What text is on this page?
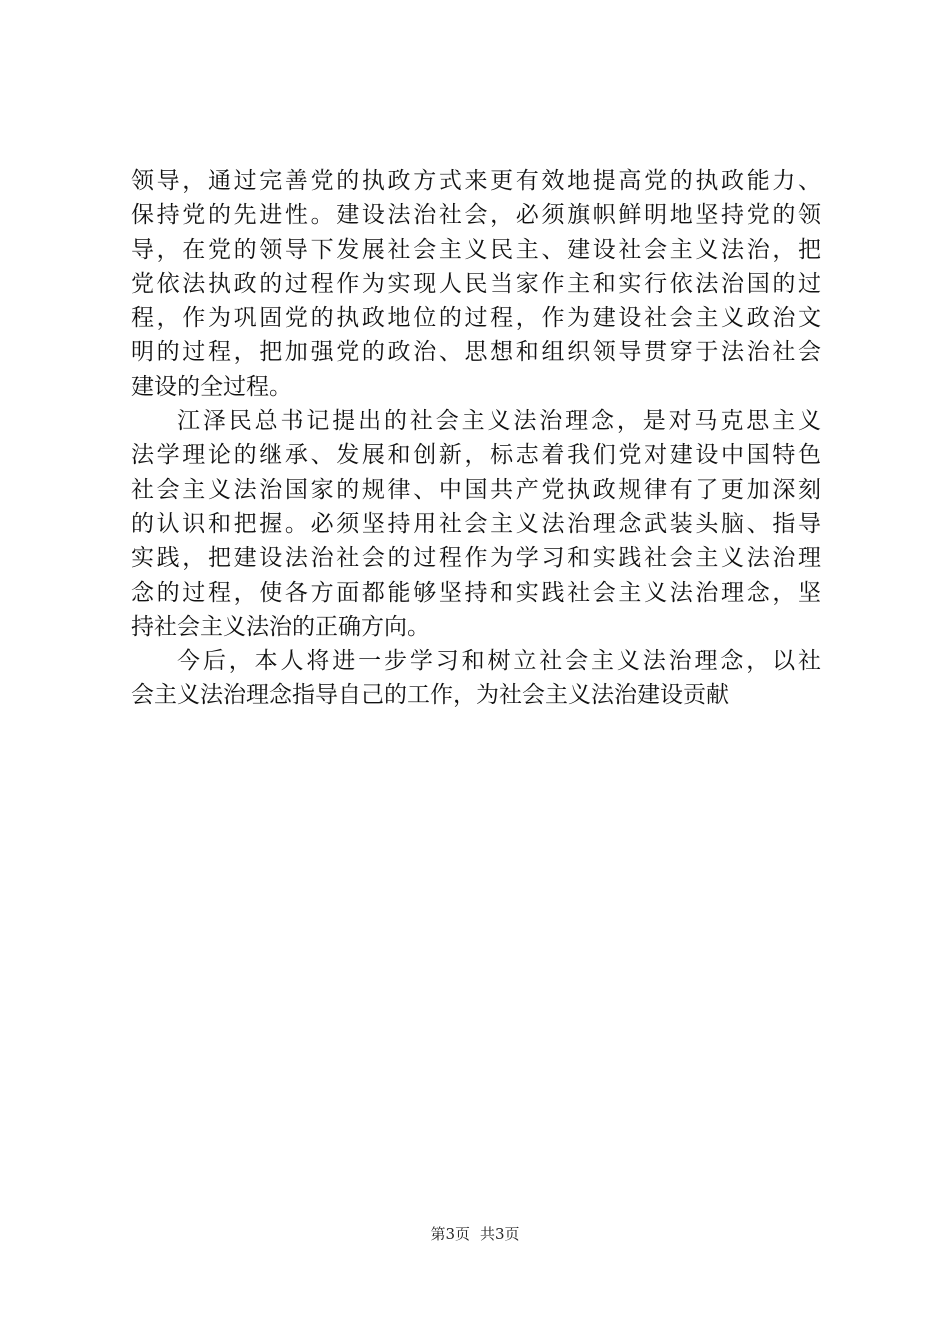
领导，通过完善党的执政方式来更有效地提高党的执政能力、
保持党的先进性。建设法治社会，必须旗帜鲜明地坚持党的领
导，在党的领导下发展社会主义民主、建设社会主义法治，把
党依法执政的过程作为实现人民当家作主和实行依法治国的过
程，作为巩固党的执政地位的过程，作为建设社会主义政治文
明的过程，把加强党的政治、思想和组织领导贯穿于法治社会
建设的全过程。
江泽民总书记提出的社会主义法治理念，是对马克思主义
法学理论的继承、发展和创新，标志着我们党对建设中国特色
社会主义法治国家的规律、中国共产党执政规律有了更加深刻
的认识和把握。必须坚持用社会主义法治理念武装头脑、指导
实践，把建设法治社会的过程作为学习和实践社会主义法治理
念的过程，使各方面都能够坚持和实践社会主义法治理念，坚
持社会主义法治的正确方向。
今后，本人将进一步学习和树立社会主义法治理念，以社
会主义法治理念指导自己的工作，为社会主义法治建设贡献
第3页 共3页
